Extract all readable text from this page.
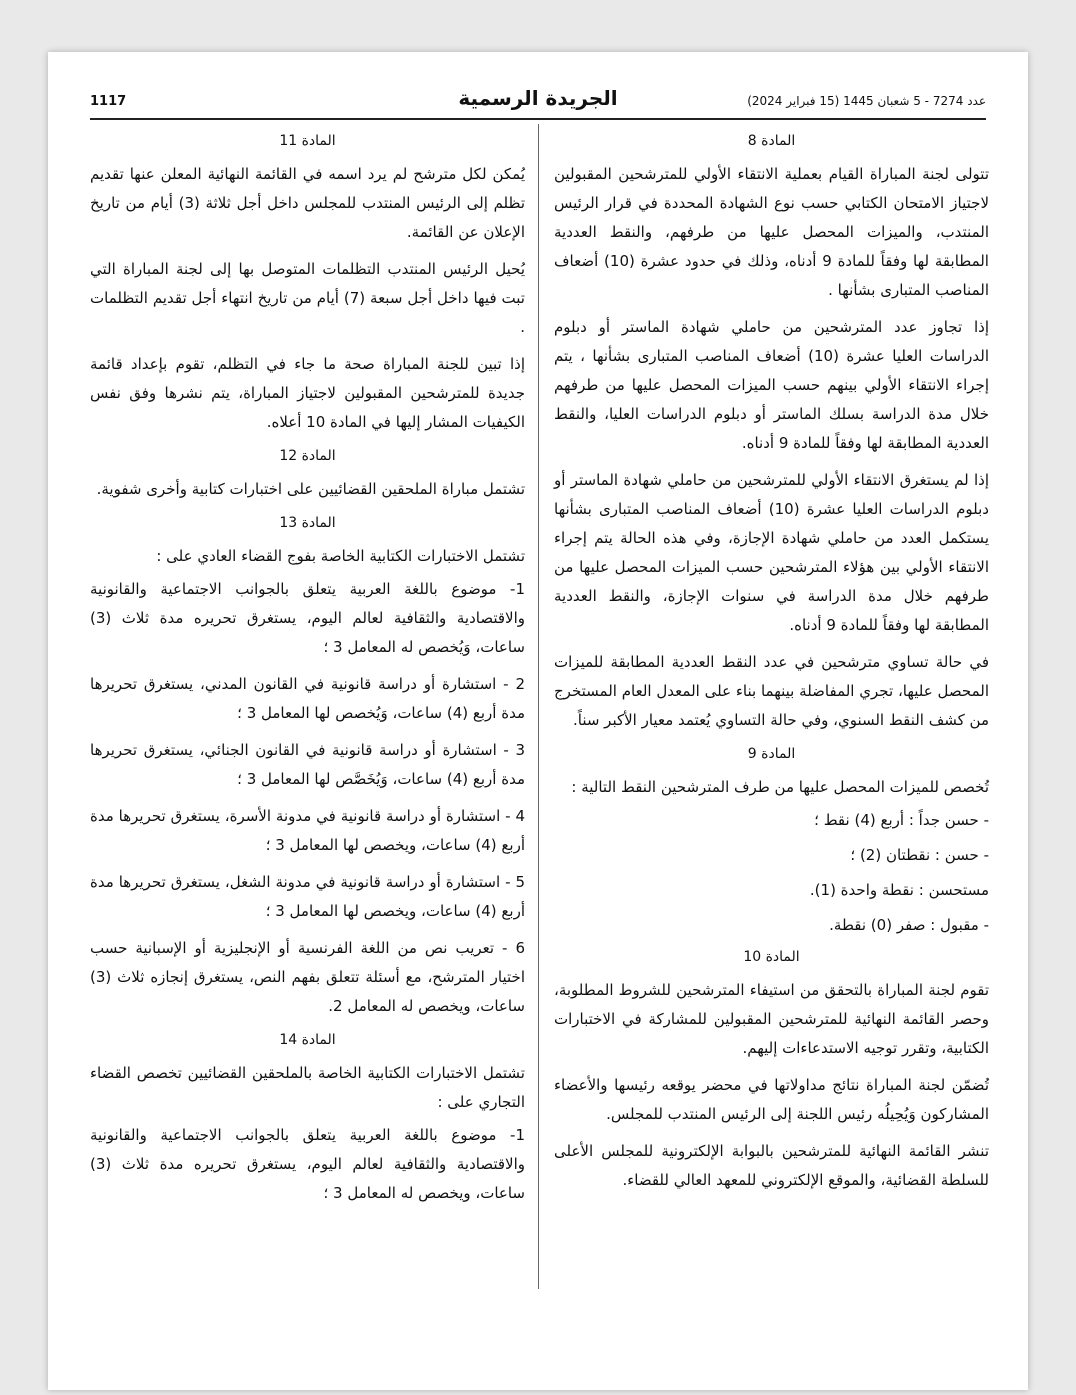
1117	الجريدة الرسمية	عدد 7274 - 5 شعبان 1445 (15 فبراير 2024)
المادة 8

تتولى لجنة المباراة القيام بعملية الانتقاء الأولي للمترشحين المقبولين لاجتياز الامتحان الكتابي حسب نوع الشهادة المحددة في قرار الرئيس المنتدب، والميزات المحصل عليها من طرفهم، والنقط العددية المطابقة لها وفقاً للمادة 9 أدناه، وذلك في حدود عشرة (10) أضعاف المناصب المتبارى بشأنها .

إذا تجاوز عدد المترشحين من حاملي شهادة الماستر أو دبلوم الدراسات العليا عشرة (10) أضعاف المناصب المتبارى بشأنها ، يتم إجراء الانتقاء الأولي بينهم حسب الميزات المحصل عليها من طرفهم خلال مدة الدراسة بسلك الماستر أو دبلوم الدراسات العليا، والنقط العددية المطابقة لها وفقاً للمادة 9 أدناه.

إذا لم يستغرق الانتقاء الأولي للمترشحين من حاملي شهادة الماستر أو دبلوم الدراسات العليا عشرة (10) أضعاف المناصب المتبارى بشأنها يستكمل العدد من حاملي شهادة الإجازة، وفي هذه الحالة يتم إجراء الانتقاء الأولي بين هؤلاء المترشحين حسب الميزات المحصل عليها من طرفهم خلال مدة الدراسة في سنوات الإجازة، والنقط العددية المطابقة لها وفقاً للمادة 9 أدناه.

في حالة تساوي مترشحين في عدد النقط العددية المطابقة للميزات المحصل عليها، تجري المفاضلة بينهما بناء على المعدل العام المستخرج من كشف النقط السنوي، وفي حالة التساوي يُعتمد معيار الأكبر سناً.

المادة 9

تُخصص للميزات المحصل عليها من طرف المترشحين النقط التالية :

- حسن جداً : أربع (4) نقط ؛

- حسن : نقطتان (2) ؛

مستحسن : نقطة واحدة (1).

- مقبول : صفر (0) نقطة.

المادة 10

تقوم لجنة المباراة بالتحقق من استيفاء المترشحين للشروط المطلوبة، وحصر القائمة النهائية للمترشحين المقبولين للمشاركة في الاختبارات الكتابية، وتقرر توجيه الاستدعاءات إليهم.

تُضمّن لجنة المباراة نتائج مداولاتها في محضر يوقعه رئيسها والأعضاء المشاركون وَيُحِيلُه رئيس اللجنة إلى الرئيس المنتدب للمجلس.

تنشر القائمة النهائية للمترشحين بالبوابة الإلكترونية للمجلس الأعلى للسلطة القضائية، والموقع الإلكتروني للمعهد العالي للقضاء.

المادة 11

يُمكن لكل مترشح لم يرد اسمه في القائمة النهائية المعلن عنها تقديم تظلم إلى الرئيس المنتدب للمجلس داخل أجل ثلاثة (3) أيام من تاريخ الإعلان عن القائمة.

يُحيل الرئيس المنتدب التظلمات المتوصل بها إلى لجنة المباراة التي تبت فيها داخل أجل سبعة (7) أيام من تاريخ انتهاء أجل تقديم التظلمات .

إذا تبين للجنة المباراة صحة ما جاء في التظلم، تقوم بإعداد قائمة جديدة للمترشحين المقبولين لاجتياز المباراة، يتم نشرها وفق نفس الكيفيات المشار إليها في المادة 10 أعلاه.

المادة 12

تشتمل مباراة الملحقين القضائيين على اختبارات كتابية وأخرى شفوية.

المادة 13

تشتمل الاختبارات الكتابية الخاصة بفوج القضاء العادي على :

1- موضوع باللغة العربية يتعلق بالجوانب الاجتماعية والقانونية والاقتصادية والثقافية لعالم اليوم، يستغرق تحريره مدة ثلاث (3) ساعات، وَيُخصص له المعامل 3 ؛

2 - استشارة أو دراسة قانونية في القانون المدني، يستغرق تحريرها مدة أربع (4) ساعات، وَيُخصص لها المعامل 3 ؛

3 - استشارة أو دراسة قانونية في القانون الجنائي، يستغرق تحريرها مدة أربع (4) ساعات، وَيُخَصَّص لها المعامل 3 ؛

4 - استشارة أو دراسة قانونية في مدونة الأسرة، يستغرق تحريرها مدة أربع (4) ساعات، ويخصص لها المعامل 3 ؛

5 - استشارة أو دراسة قانونية في مدونة الشغل، يستغرق تحريرها مدة أربع (4) ساعات، ويخصص لها المعامل 3 ؛

6 - تعريب نص من اللغة الفرنسية أو الإنجليزية أو الإسبانية حسب اختيار المترشح، مع أسئلة تتعلق بفهم النص، يستغرق إنجازه ثلاث (3) ساعات، ويخصص له المعامل 2.

المادة 14

تشتمل الاختبارات الكتابية الخاصة بالملحقين القضائيين تخصص القضاء التجاري على :

1- موضوع باللغة العربية يتعلق بالجوانب الاجتماعية والقانونية والاقتصادية والثقافية لعالم اليوم، يستغرق تحريره مدة ثلاث (3) ساعات، ويخصص له المعامل 3 ؛
